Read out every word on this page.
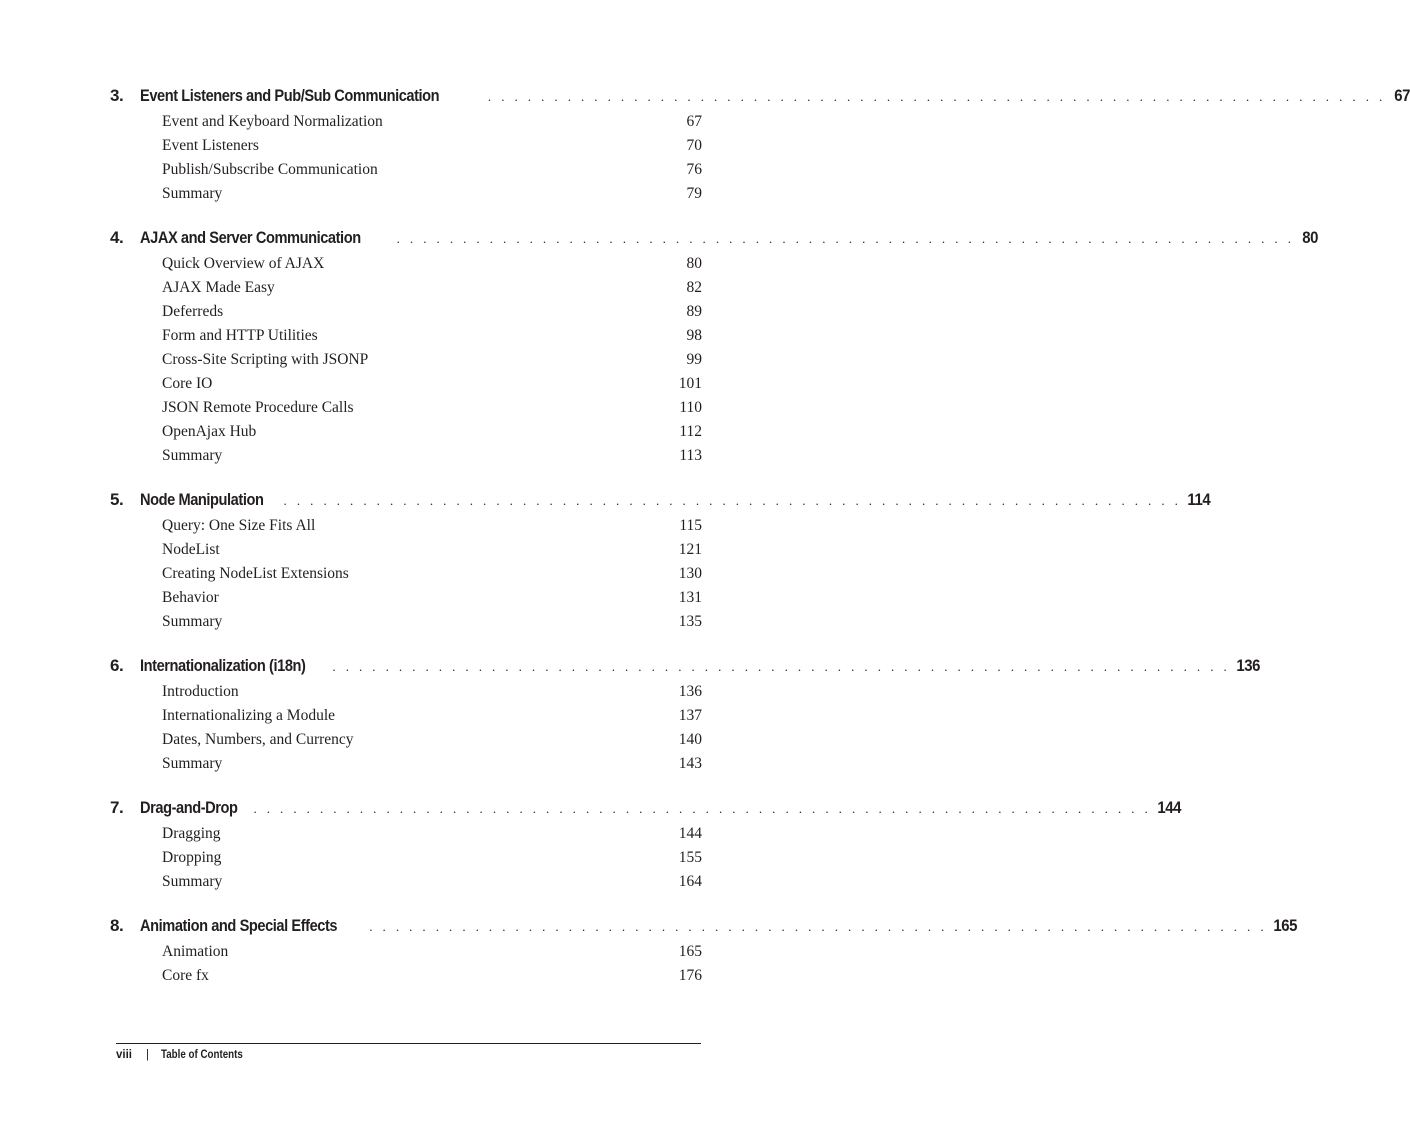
3. Event Listeners and Pub/Sub Communication	. . . . . . . . . . . . . . . . . . . . . . . . . . . . . . . . . . . . . . . . . . . . . . . . . . . . . . . . . . . . . . . . . . . . 67
Event and Keyboard Normalization	67
Event Listeners	70
Publish/Subscribe Communication	76
Summary	79
4. AJAX and Server Communication	. . . . . . . . . . . . . . . . . . . . . . . . . . . . . . . . . . . . . . . . . . . . . . . . . . . . . . . . . . . . . . . . . . . . 80
Quick Overview of AJAX	80
AJAX Made Easy	82
Deferreds	89
Form and HTTP Utilities	98
Cross-Site Scripting with JSONP	99
Core IO	101
JSON Remote Procedure Calls	110
OpenAjax Hub	112
Summary	113
5. Node Manipulation	. . . . . . . . . . . . . . . . . . . . . . . . . . . . . . . . . . . . . . . . . . . . . . . . . . . . . . . . . . . . . . . . . . . . 114
Query: One Size Fits All	115
NodeList	121
Creating NodeList Extensions	130
Behavior	131
Summary	135
6. Internationalization (i18n)	. . . . . . . . . . . . . . . . . . . . . . . . . . . . . . . . . . . . . . . . . . . . . . . . . . . . . . . . . . . . . . . . . . . . 136
Introduction	136
Internationalizing a Module	137
Dates, Numbers, and Currency	140
Summary	143
7. Drag-and-Drop	. . . . . . . . . . . . . . . . . . . . . . . . . . . . . . . . . . . . . . . . . . . . . . . . . . . . . . . . . . . . . . . . . . . . 144
Dragging	144
Dropping	155
Summary	164
8. Animation and Special Effects	. . . . . . . . . . . . . . . . . . . . . . . . . . . . . . . . . . . . . . . . . . . . . . . . . . . . . . . . . . . . . . . . . . . . 165
Animation	165
Core fx	176
viii | Table of Contents
